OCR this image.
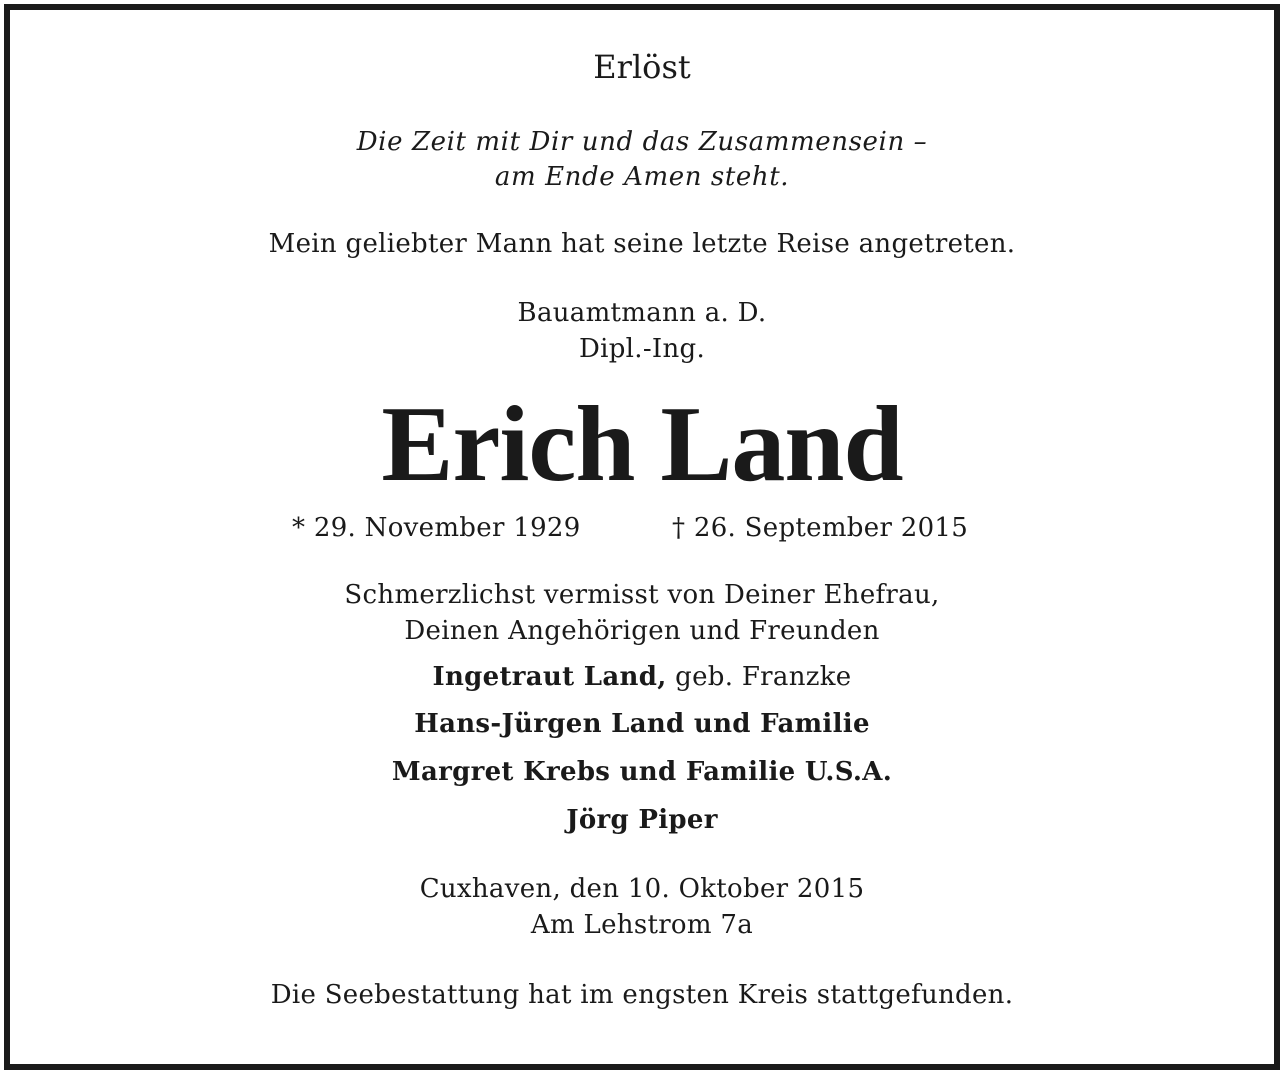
Erlöst
Die Zeit mit Dir und das Zusammensein –
am Ende Amen steht.
Mein geliebter Mann hat seine letzte Reise angetreten.
Bauamtmann a. D.
Dipl.-Ing.
Erich Land
* 29. November 1929	† 26. September 2015
Schmerzlichst vermisst von Deiner Ehefrau,
Deinen Angehörigen und Freunden
Ingetraut Land, geb. Franzke
Hans-Jürgen Land und Familie
Margret Krebs und Familie U.S.A.
Jörg Piper
Cuxhaven, den 10. Oktober 2015
Am Lehstrom 7a
Die Seebestattung hat im engsten Kreis stattgefunden.
